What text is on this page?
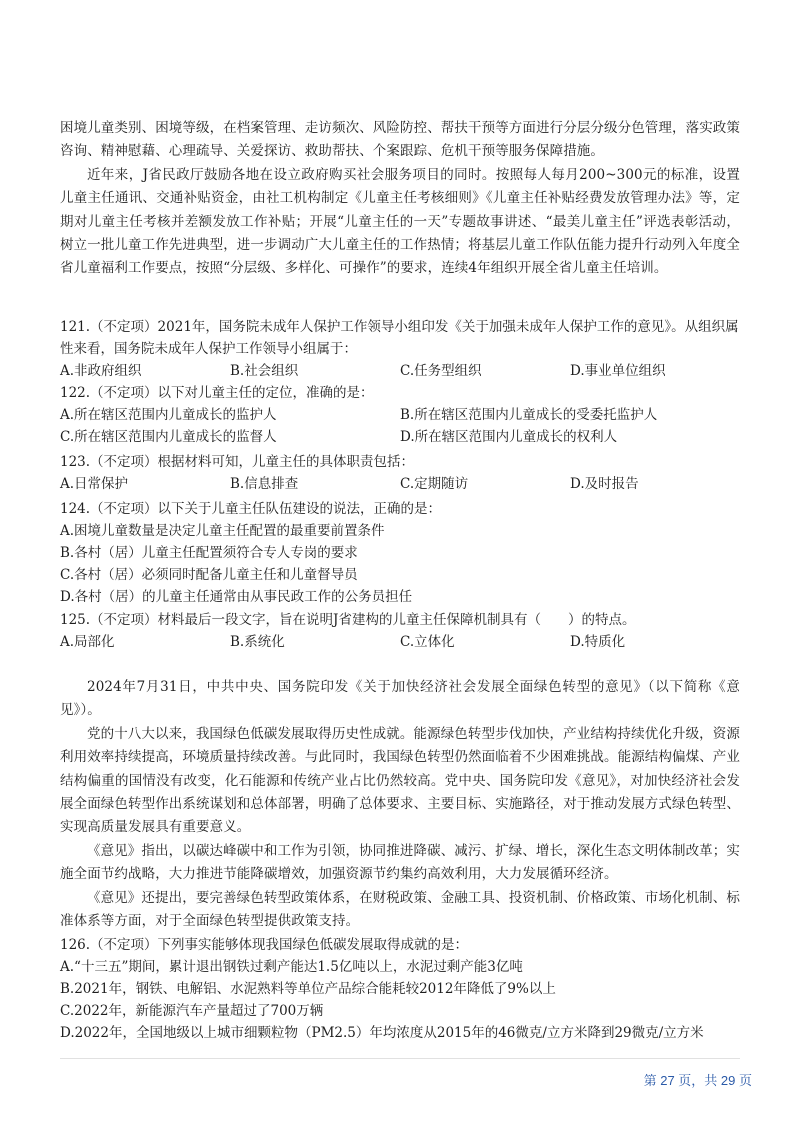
困境儿童类别、困境等级，在档案管理、走访频次、风险防控、帮扶干预等方面进行分层分级分色管理，落实政策咨询、精神慰藉、心理疏导、关爱探访、救助帮扶、个案跟踪、危机干预等服务保障措施。

近年来，J省民政厅鼓励各地在设立政府购买社会服务项目的同时。按照每人每月200~300元的标准，设置儿童主任通讯、交通补贴资金，由社工机构制定《儿童主任考核细则》《儿童主任补贴经费发放管理办法》等，定期对儿童主任考核并差额发放工作补贴；开展“儿童主任的一天”专题故事讲述、“最美儿童主任”评选表彰活动，树立一批儿童工作先进典型，进一步调动广大儿童主任的工作热情；将基层儿童工作队伍能力提升行动列入年度全省儿童福利工作要点，按照“分层级、多样化、可操作”的要求，连续4年组织开展全省儿童主任培训。

121.（不定项）2021年，国务院未成年人保护工作领导小组印发《关于加强未成年人保护工作的意见》。从组织属
性来看，国务院未成年人保护工作领导小组属于：
A.非政府组织	B.社会组织	C.任务型组织	D.事业单位组织
122.（不定项）以下对儿童主任的定位，准确的是：
A.所在辖区范围内儿童成长的监护人	B.所在辖区范围内儿童成长的受委托监护人
C.所在辖区范围内儿童成长的监督人	D.所在辖区范围内儿童成长的权利人
123.（不定项）根据材料可知，儿童主任的具体职责包括：
A.日常保护	B.信息排查	C.定期随访	D.及时报告
124.（不定项）以下关于儿童主任队伍建设的说法，正确的是：
A.困境儿童数量是决定儿童主任配置的最重要前置条件
B.各村（居）儿童主任配置须符合专人专岗的要求
C.各村（居）必须同时配备儿童主任和儿童督导员
D.各村（居）的儿童主任通常由从事民政工作的公务员担任
125.（不定项）材料最后一段文字，旨在说明J省建构的儿童主任保障机制具有（　　）的特点。
A.局部化	B.系统化	C.立体化	D.特质化

2024年7月31日，中共中央、国务院印发《关于加快经济社会发展全面绿色转型的意见》（以下简称《意见》）。

党的十八大以来，我国绿色低碳发展取得历史性成就。能源绿色转型步伐加快，产业结构持续优化升级，资源利用效率持续提高，环境质量持续改善。与此同时，我国绿色转型仍然面临着不少困难挑战。能源结构偏煤、产业结构偏重的国情没有改变，化石能源和传统产业占比仍然较高。党中央、国务院印发《意见》，对加快经济社会发展全面绿色转型作出系统谋划和总体部署，明确了总体要求、主要目标、实施路径，对于推动发展方式绿色转型、实现高质量发展具有重要意义。

《意见》指出，以碳达峰碳中和工作为引领，协同推进降碳、减污、扩绿、增长，深化生态文明体制改革；实施全面节约战略，大力推进节能降碳增效，加强资源节约集约高效利用，大力发展循环经济。

《意见》还提出，要完善绿色转型政策体系，在财税政策、金融工具、投资机制、价格政策、市场化机制、标准体系等方面，对于全面绿色转型提供政策支持。

126.（不定项）下列事实能够体现我国绿色低碳发展取得成就的是：
A.“十三五”期间，累计退出钢铁过剩产能达1.5亿吨以上，水泥过剩产能3亿吨
B.2021年，钢铁、电解铝、水泥熟料等单位产品综合能耗较2012年降低了9%以上
C.2022年，新能源汽车产量超过了700万辆
D.2022年，全国地级以上城市细颗粒物（PM2.5）年均浓度从2015年的46微克/立方米降到29微克/立方米
第 27 页，共 29 页
